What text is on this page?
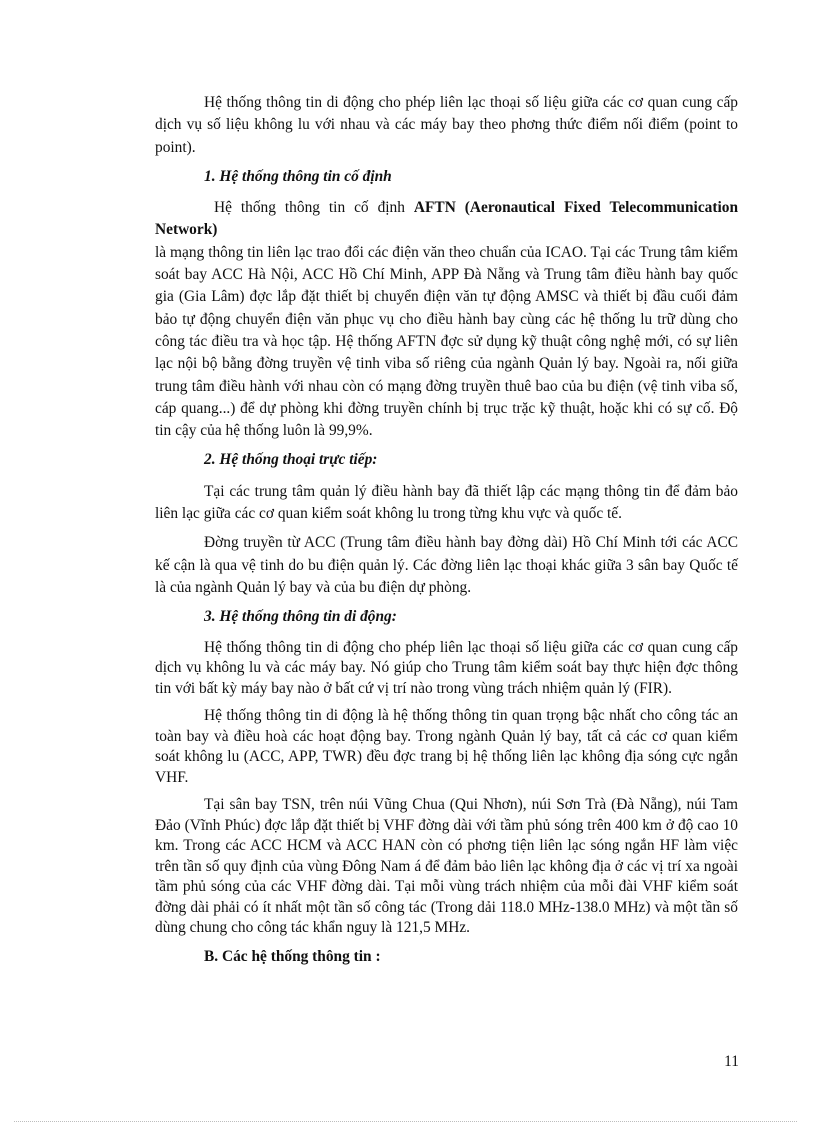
Hệ thống thông tin di động cho phép liên lạc thoại số liệu giữa các cơ quan cung cấp dịch vụ số liệu không lu với nhau và các máy bay theo phơng thức điểm nối điểm (point to point).

1. Hệ thống thông tin cố định

Hệ thống thông tin cố định AFTN (Aeronautical Fixed Telecommunication Network)

là mạng thông tin liên lạc trao đổi các điện văn theo chuẩn của ICAO. Tại các Trung tâm kiểm soát bay ACC Hà Nội, ACC Hồ Chí Minh, APP Đà Nẵng và Trung tâm điều hành bay quốc gia (Gia Lâm) đợc lắp đặt thiết bị chuyển điện văn tự động AMSC và thiết bị đầu cuối đảm bảo tự động chuyển điện văn phục vụ cho điều hành bay cùng các hệ thống lu trữ dùng cho công tác điều tra và học tập. Hệ thống AFTN đợc sử dụng kỹ thuật công nghệ mới, có sự liên lạc nội bộ bằng đờng truyền vệ tinh viba số riêng của ngành Quản lý bay. Ngoài ra, nối giữa trung tâm điều hành với nhau còn có mạng đờng truyền thuê bao của bu điện (vệ tinh viba số, cáp quang...) để dự phòng khi đờng truyền chính bị trục trặc kỹ thuật, hoặc khi có sự cố. Độ tin cậy của hệ thống luôn là 99,9%.

2. Hệ thống thoại trực tiếp:

Tại các trung tâm quản lý điều hành bay đã thiết lập các mạng thông tin để đảm bảo liên lạc giữa các cơ quan kiểm soát không lu trong từng khu vực và quốc tế.

Đờng truyền từ ACC (Trung tâm điều hành bay đờng dài) Hồ Chí Minh tới các ACC kế cận là qua vệ tinh do bu điện quản lý. Các đờng liên lạc thoại khác giữa 3 sân bay Quốc tế là của ngành Quản lý bay và của bu điện dự phòng.

3. Hệ thống thông tin di động:

Hệ thống thông tin di động cho phép liên lạc thoại số liệu giữa các cơ quan cung cấp dịch vụ không lu và các máy bay. Nó giúp cho Trung tâm kiểm soát bay thực hiện đợc thông tin với bất kỳ máy bay nào ở bất cứ vị trí nào trong vùng trách nhiệm quản lý (FIR).

Hệ thống thông tin di động là hệ thống thông tin quan trọng bậc nhất cho công tác an toàn bay và điều hoà các hoạt động bay. Trong ngành Quản lý bay, tất cả các cơ quan kiểm soát không lu (ACC, APP, TWR) đều đợc trang bị hệ thống liên lạc không địa sóng cực ngắn VHF.

Tại sân bay TSN, trên núi Vũng Chua (Qui Nhơn), núi Sơn Trà (Đà Nẵng), núi Tam Đảo (Vĩnh Phúc) đợc lắp đặt thiết bị VHF đờng dài với tầm phủ sóng trên 400 km ở độ cao 10 km. Trong các ACC HCM và ACC HAN còn có phơng tiện liên lạc sóng ngắn HF làm việc trên tần số quy định của vùng Đông Nam á để đảm bảo liên lạc không địa ở các vị trí xa ngoài tầm phủ sóng của các VHF đờng dài. Tại mỗi vùng trách nhiệm của mỗi đài VHF kiểm soát đờng dài phải có ít nhất một tần số công tác (Trong dải 118.0 MHz-138.0 MHz) và một tần số dùng chung cho công tác khẩn nguy là 121,5 MHz.

B. Các hệ thống thông tin :

11
